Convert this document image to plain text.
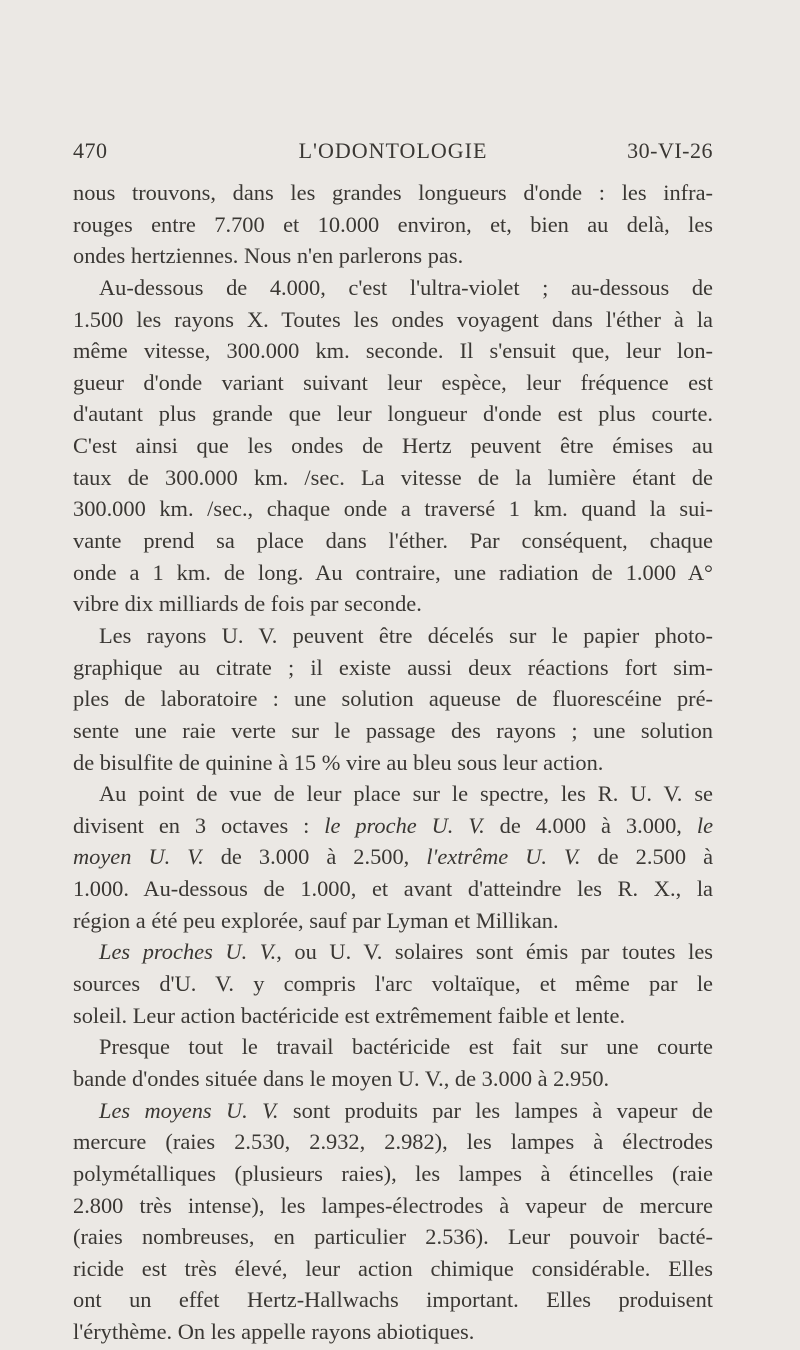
470	L'ODONTOLOGIE	30-VI-26
nous trouvons, dans les grandes longueurs d'onde : les infra-
rouges entre 7.700 et 10.000 environ, et, bien au delà, les
ondes hertziennes. Nous n'en parlerons pas.
Au-dessous de 4.000, c'est l'ultra-violet ; au-dessous de
1.500 les rayons X. Toutes les ondes voyagent dans l'éther à la
même vitesse, 300.000 km. seconde. Il s'ensuit que, leur lon-
gueur d'onde variant suivant leur espèce, leur fréquence est
d'autant plus grande que leur longueur d'onde est plus courte.
C'est ainsi que les ondes de Hertz peuvent être émises au
taux de 300.000 km. /sec. La vitesse de la lumière étant de
300.000 km. /sec., chaque onde a traversé 1 km. quand la sui-
vante prend sa place dans l'éther. Par conséquent, chaque
onde a 1 km. de long. Au contraire, une radiation de 1.000 A°
vibre dix milliards de fois par seconde.
Les rayons U. V. peuvent être décelés sur le papier photo-
graphique au citrate ; il existe aussi deux réactions fort sim-
ples de laboratoire : une solution aqueuse de fluorescéine pré-
sente une raie verte sur le passage des rayons ; une solution
de bisulfite de quinine à 15 % vire au bleu sous leur action.
Au point de vue de leur place sur le spectre, les R. U. V. se
divisent en 3 octaves : le proche U. V. de 4.000 à 3.000, le
moyen U. V. de 3.000 à 2.500, l'extrême U. V. de 2.500 à
1.000. Au-dessous de 1.000, et avant d'atteindre les R. X., la
région a été peu explorée, sauf par Lyman et Millikan.
Les proches U. V., ou U. V. solaires sont émis par toutes les
sources d'U. V. y compris l'arc voltaïque, et même par le
soleil. Leur action bactéricide est extrêmement faible et lente.
Presque tout le travail bactéricide est fait sur une courte
bande d'ondes située dans le moyen U. V., de 3.000 à 2.950.
Les moyens U. V. sont produits par les lampes à vapeur de
mercure (raies 2.530, 2.932, 2.982), les lampes à électrodes
polymétalliques (plusieurs raies), les lampes à étincelles (raie
2.800 très intense), les lampes-électrodes à vapeur de mercure
(raies nombreuses, en particulier 2.536). Leur pouvoir bacté-
ricide est très élevé, leur action chimique considérable. Elles
ont un effet Hertz-Hallwachs important. Elles produisent
l'érythème. On les appelle rayons abiotiques.
